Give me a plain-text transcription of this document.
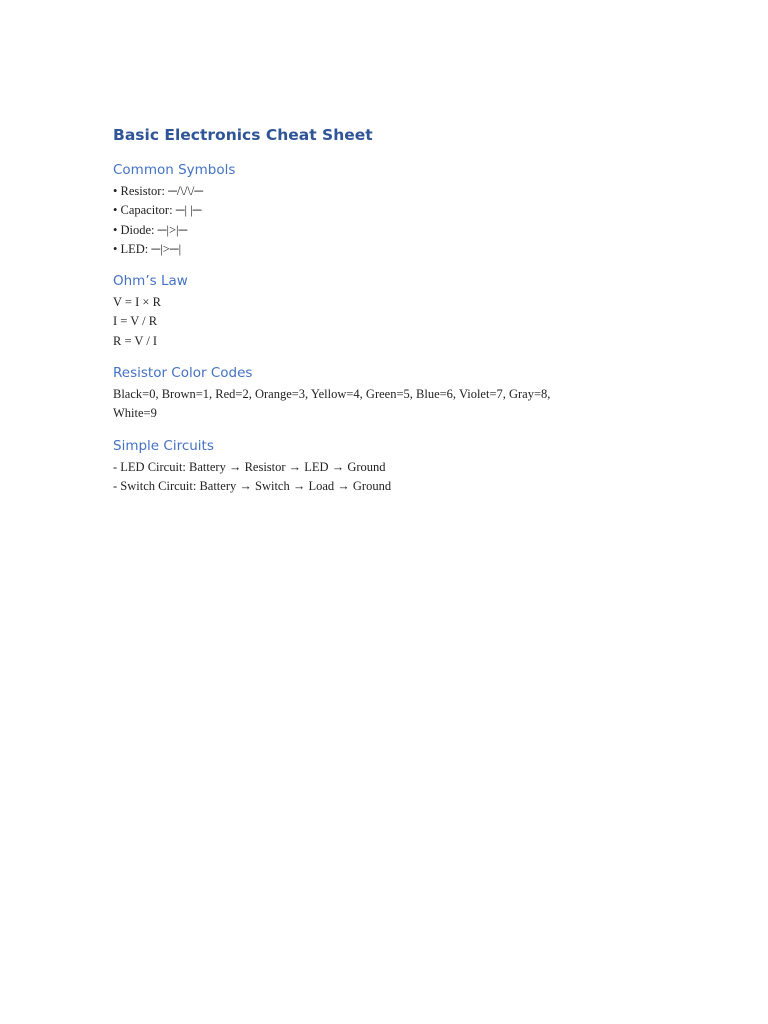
Basic Electronics Cheat Sheet
Common Symbols
• Resistor: ─/\/\/─
• Capacitor: ─| |─
• Diode: ─|>|─
• LED: ─|>─|
Ohm’s Law
V = I × R
I = V / R
R = V / I
Resistor Color Codes
Black=0, Brown=1, Red=2, Orange=3, Yellow=4, Green=5, Blue=6, Violet=7, Gray=8,
White=9
Simple Circuits
- LED Circuit: Battery → Resistor → LED → Ground
- Switch Circuit: Battery → Switch → Load → Ground
